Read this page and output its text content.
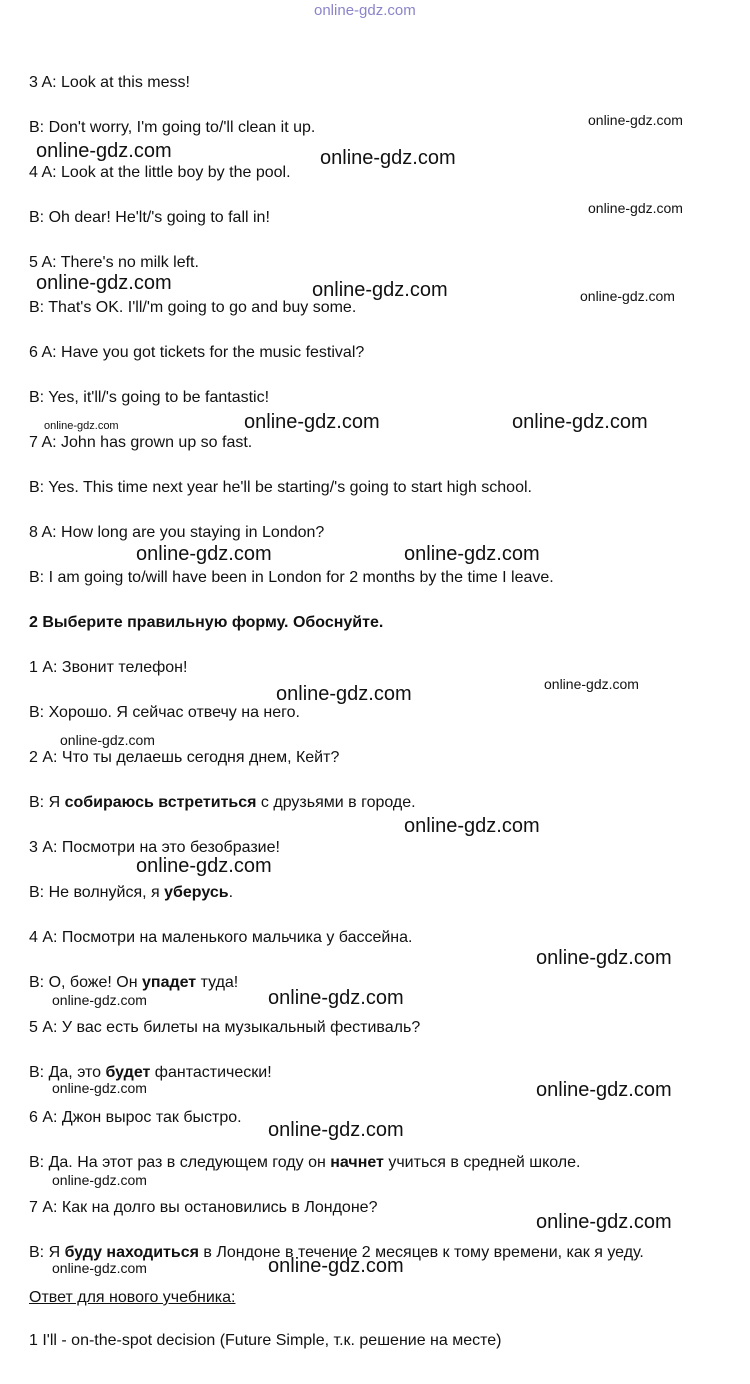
online-gdz.com
3 A: Look at this mess!
B: Don't worry, I'm going to/'ll clean it up.
4 A: Look at the little boy by the pool.
B: Oh dear! He'lt/'s going to fall in!
5 A: There's no milk left.
B: That's OK. I'll/'m going to go and buy some.
6 A: Have you got tickets for the music festival?
B: Yes, it'll/'s going to be fantastic!
7 A: John has grown up so fast.
B: Yes. This time next year he'll be starting/'s going to start high school.
8 A: How long are you staying in London?
B: I am going to/will have been in London for 2 months by the time I leave.
2 Выберите правильную форму. Обоснуйте.
1 А: Звонит телефон!
В: Хорошо. Я сейчас отвечу на него.
2 А: Что ты делаешь сегодня днем, Кейт?
В: Я собираюсь встретиться с друзьями в городе.
3 А: Посмотри на это безобразие!
В: Не волнуйся, я уберусь.
4 А: Посмотри на маленького мальчика у бассейна.
В: О, боже! Он упадет туда!
5 А: У вас есть билеты на музыкальный фестиваль?
В: Да, это будет фантастически!
6 А: Джон вырос так быстро.
В: Да. На этот раз в следующем году он начнет учиться в средней школе.
7 А: Как на долго вы остановились в Лондоне?
В: Я буду находиться в Лондоне в течение 2 месяцев к тому времени, как я уеду.
Ответ для нового учебника:
1 I'll - on-the-spot decision (Future Simple, т.к. решение на месте)
online-gdz.com
online-gdz.com	online-gdz.com
online-gdz.com
online-gdz.com	online-gdz.com	online-gdz.com
online-gdz.com	online-gdz.com	online-gdz.com
online-gdz.com	online-gdz.com
online-gdz.com
online-gdz.com
online-gdz.com
online-gdz.com
online-gdz.com
online-gdz.com
online-gdz.com	online-gdz.com
online-gdz.com	online-gdz.com
online-gdz.com
online-gdz.com
online-gdz.com
online-gdz.com	online-gdz.com
